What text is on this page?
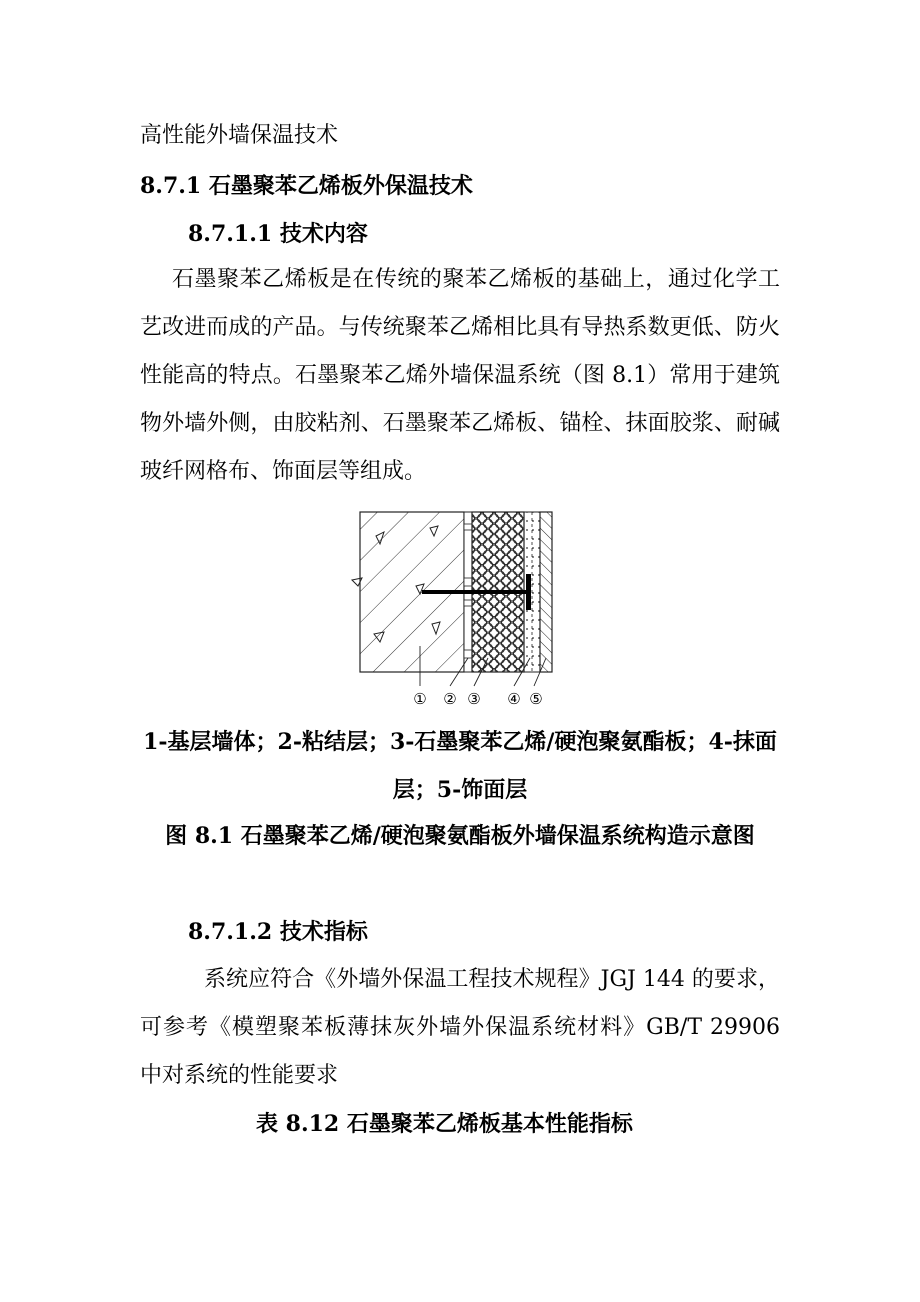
高性能外墙保温技术
8.7.1 石墨聚苯乙烯板外保温技术
8.7.1.1 技术内容
石墨聚苯乙烯板是在传统的聚苯乙烯板的基础上，通过化学工艺改进而成的产品。与传统聚苯乙烯相比具有导热系数更低、防火性能高的特点。石墨聚苯乙烯外墙保温系统（图 8.1）常用于建筑物外墙外侧，由胶粘剂、石墨聚苯乙烯板、锚栓、抹面胶浆、耐碱玻纤网格布、饰面层等组成。
① ② ③ ④ ⑤
1-基层墙体；2-粘结层；3-石墨聚苯乙烯/硬泡聚氨酯板；4-抹面层；5-饰面层
图 8.1 石墨聚苯乙烯/硬泡聚氨酯板外墙保温系统构造示意图
8.7.1.2 技术指标
系统应符合《外墙外保温工程技术规程》JGJ 144 的要求，可参考《模塑聚苯板薄抹灰外墙外保温系统材料》GB/T 29906 中对系统的性能要求
表 8.12 石墨聚苯乙烯板基本性能指标
